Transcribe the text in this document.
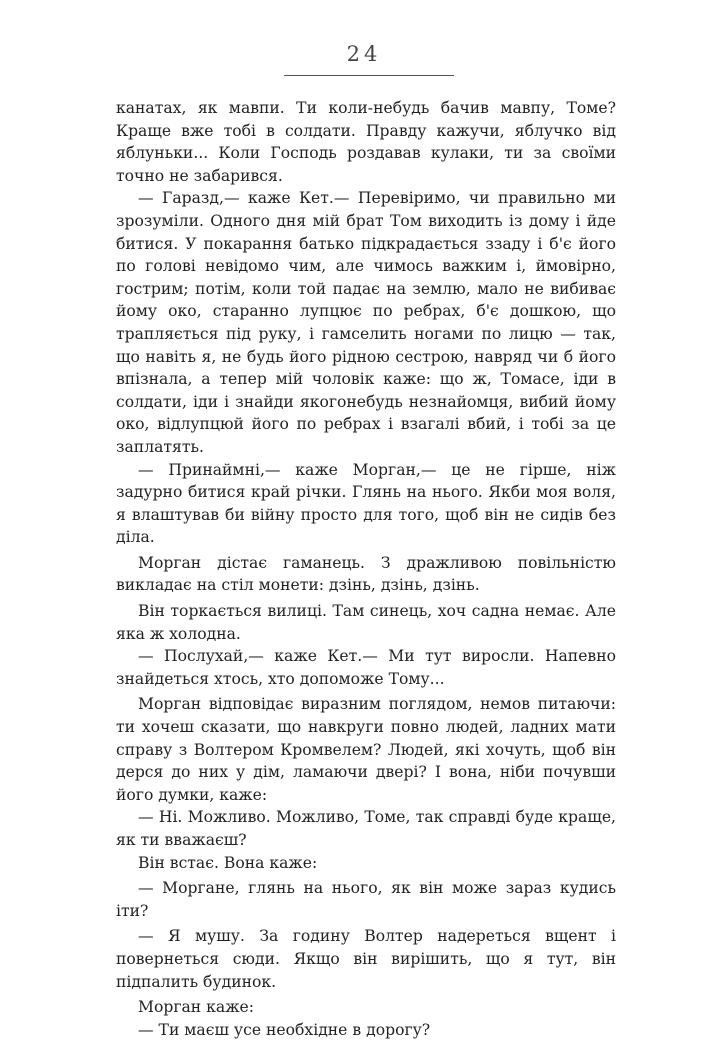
24

канатах, як мавпи. Ти коли-небудь бачив мавпу, Томе? Краще вже тобі в солдати. Правду кажучи, яблучко від яблуньки... Коли Господь роздавав кулаки, ти за своїми точно не забарився.

— Гаразд,— каже Кет.— Перевіримо, чи правильно ми зрозуміли. Одного дня мій брат Том виходить із дому і йде битися. У покарання батько підкрадається ззаду і б'є його по голові невідомо чим, але чимось важким і, ймовірно, гострим; потім, коли той падає на землю, мало не вибиває йому око, старанно лупцює по ребрах, б'є дошкою, що трапляється під руку, і гамселить ногами по лицю — так, що навіть я, не будь його рідною сестрою, навряд чи б його впізнала, а тепер мій чоловік каже: що ж, Томасе, іди в солдати, іди і знайди якогонебудь незнайомця, вибий йому око, відлупцюй його по ребрах і взагалі вбий, і тобі за це заплатять.

— Принаймні,— каже Морган,— це не гірше, ніж задурно битися край річки. Глянь на нього. Якби моя воля, я влаштував би війну просто для того, щоб він не сидів без діла.

Морган дістає гаманець. З дражливою повільністю викладає на стіл монети: дзінь, дзінь, дзінь.

Він торкається вилиці. Там синець, хоч садна немає. Але яка ж холодна.

— Послухай,— каже Кет.— Ми тут виросли. Напевно знайдеться хтось, хто допоможе Тому...

Морган відповідає виразним поглядом, немов питаючи: ти хочеш сказати, що навкруги повно людей, ладних мати справу з Волтером Кромвелем? Людей, які хочуть, щоб він дерся до них у дім, ламаючи двері? І вона, ніби почувши його думки, каже:

— Ні. Можливо. Можливо, Томе, так справді буде краще, як ти вважаєш?

Він встає. Вона каже:

— Моргане, глянь на нього, як він може зараз кудись іти?

— Я мушу. За годину Волтер надереться вщент і повернеться сюди. Якщо він вирішить, що я тут, він підпалить будинок.

Морган каже:

— Ти маєш усе необхідне в дорогу?
